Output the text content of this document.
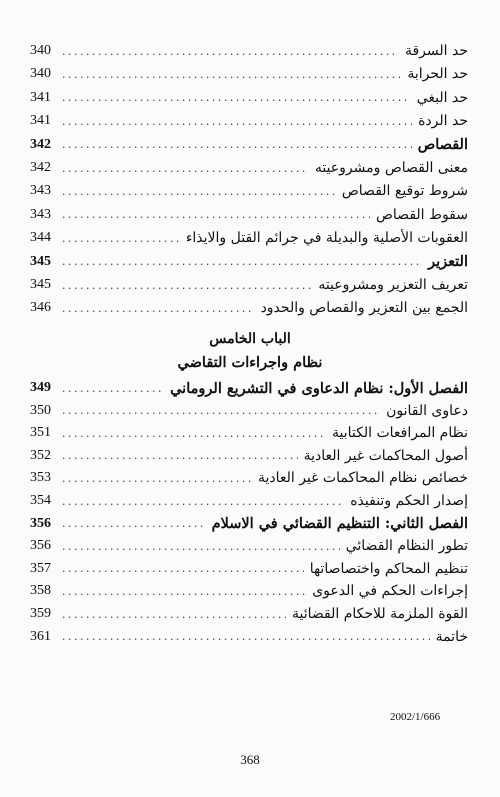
حد السرقة
.....
340
حد الحرابة
.....
340
حد البغي
.....
341
حد الردة
.....
341
القصاص
.....
342
معنى القصاص ومشروعيته
.....
342
شروط توقيع القصاص
.....
343
سقوط القصاص
.....
343
العقوبات الأصلية والبديلة في جرائم القتل والايذاء
.....
344
التعزير
.....
345
تعريف التعزير ومشروعيته
.....
345
الجمع بين التعزير والقصاص والحدود
.....
346
الباب الخامس
نظام واجراءات التقاضي
الفصل الأول: نظام الدعاوى في التشريع الروماني
.....
349
دعاوى القانون
.....
350
نظام المرافعات الكتابية
.....
351
أصول المحاكمات غير العادية
.....
352
خصائص نظام المحاكمات غير العادية
.....
353
إصدار الحكم وتنفيذه
.....
354
الفصل الثاني: التنظيم القضائي في الاسلام
.....
356
تطور النظام القضائي
.....
356
تنظيم المحاكم واختصاصاتها
.....
357
إجراءات الحكم في الدعوى
.....
358
القوة الملزمة للاحكام القضائية
.....
359
خاتمة
.....
361
2002/1/666
368
